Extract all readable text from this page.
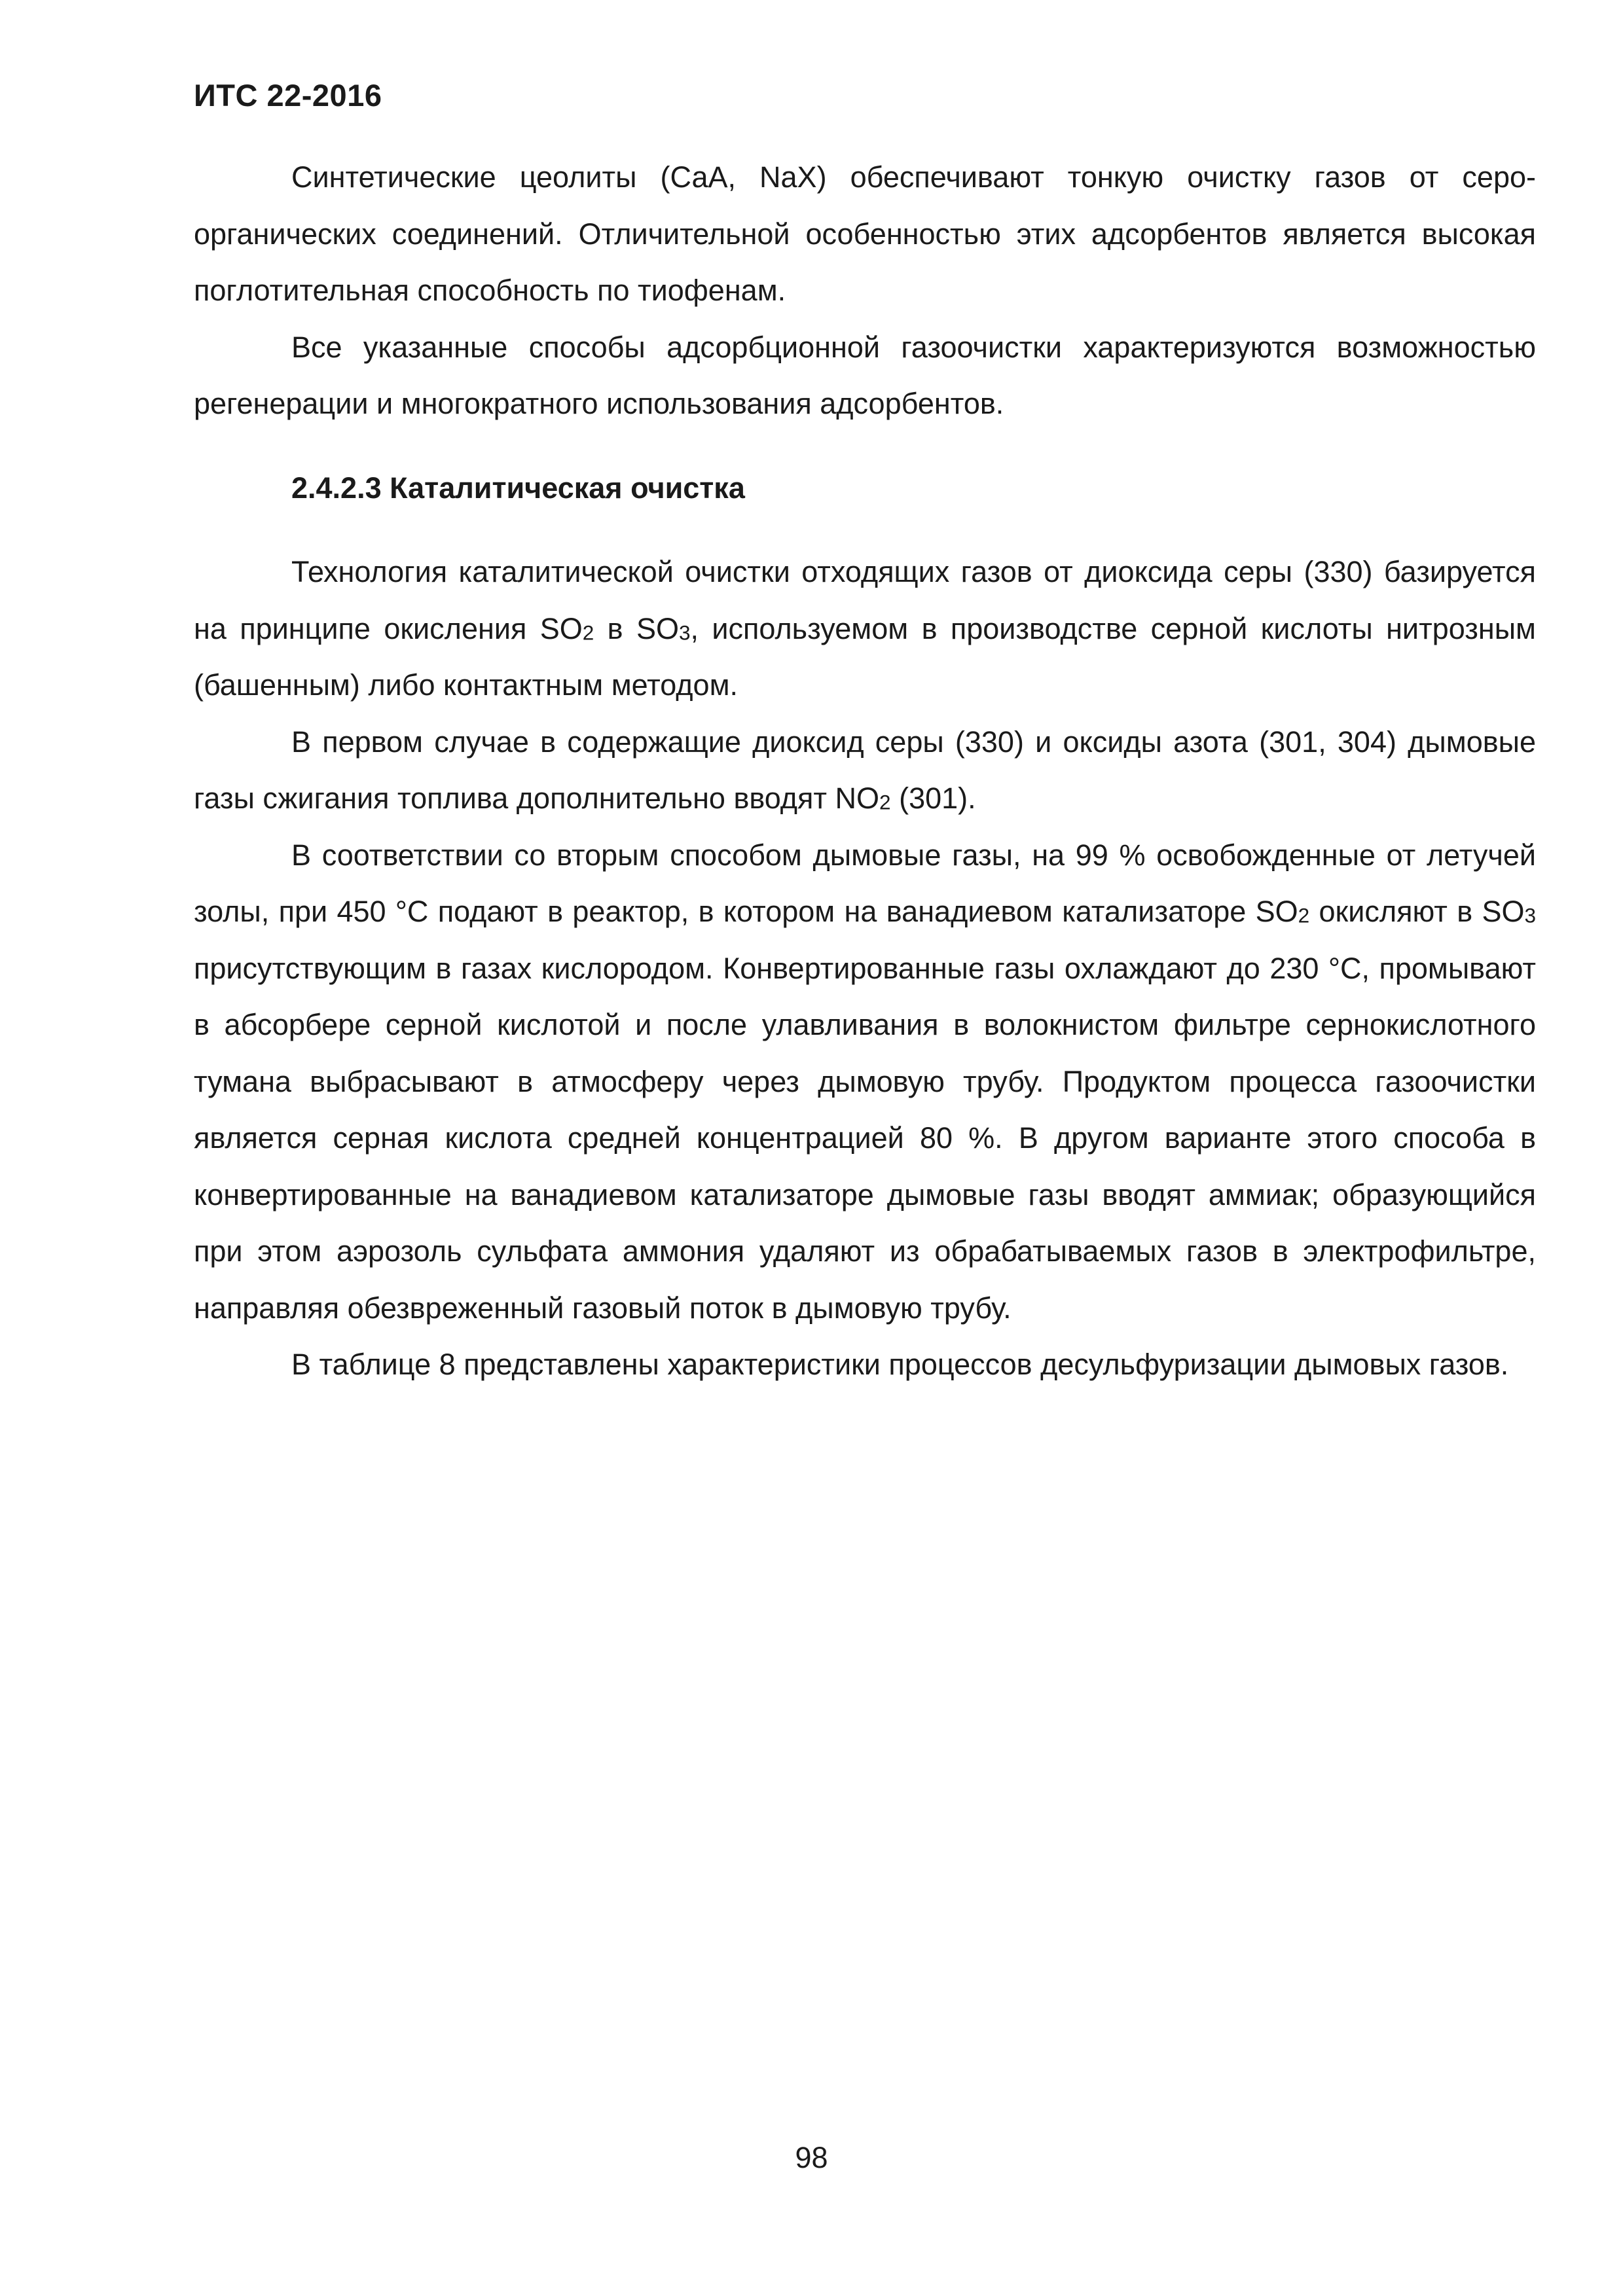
ИТС 22-2016

Синтетические цеолиты (СаА, NaX) обеспечивают тонкую очистку газов от сероорганических соединений. Отличительной особенностью этих адсорбентов является высокая поглотительная способность по тиофенам.

Все указанные способы адсорбционной газоочистки характеризуются возможностью регенерации и многократного использования адсорбентов.

2.4.2.3 Каталитическая очистка

Технология каталитической очистки отходящих газов от диоксида серы (330) базируется на принципе окисления $SO_2$ в $SO_3$, используемом в производстве серной кислоты нитрозным (башенным) либо контактным методом.

В первом случае в содержащие диоксид серы (330) и оксиды азота (301, 304) дымовые газы сжигания топлива дополнительно вводят $NO_2$ (301).

В соответствии со вторым способом дымовые газы, на 99 % освобожденные от летучей золы, при 450 °С подают в реактор, в котором на ванадиевом катализаторе $SO_2$ окисляют в $SO_3$ присутствующим в газах кислородом. Конвертированные газы охлаждают до 230 °С, промывают в абсорбере серной кислотой и после улавливания в волокнистом фильтре сернокислотного тумана выбрасывают в атмосферу через дымовую трубу. Продуктом процесса газоочистки является серная кислота средней концентрацией 80 %. В другом варианте этого способа в конвертированные на ванадиевом катализаторе дымовые газы вводят аммиак; образующийся при этом аэрозоль сульфата аммония удаляют из обрабатываемых газов в электрофильтре, направляя обезвреженный газовый поток в дымовую трубу.

В таблице 8 представлены характеристики процессов десульфуризации дымовых газов.

98
